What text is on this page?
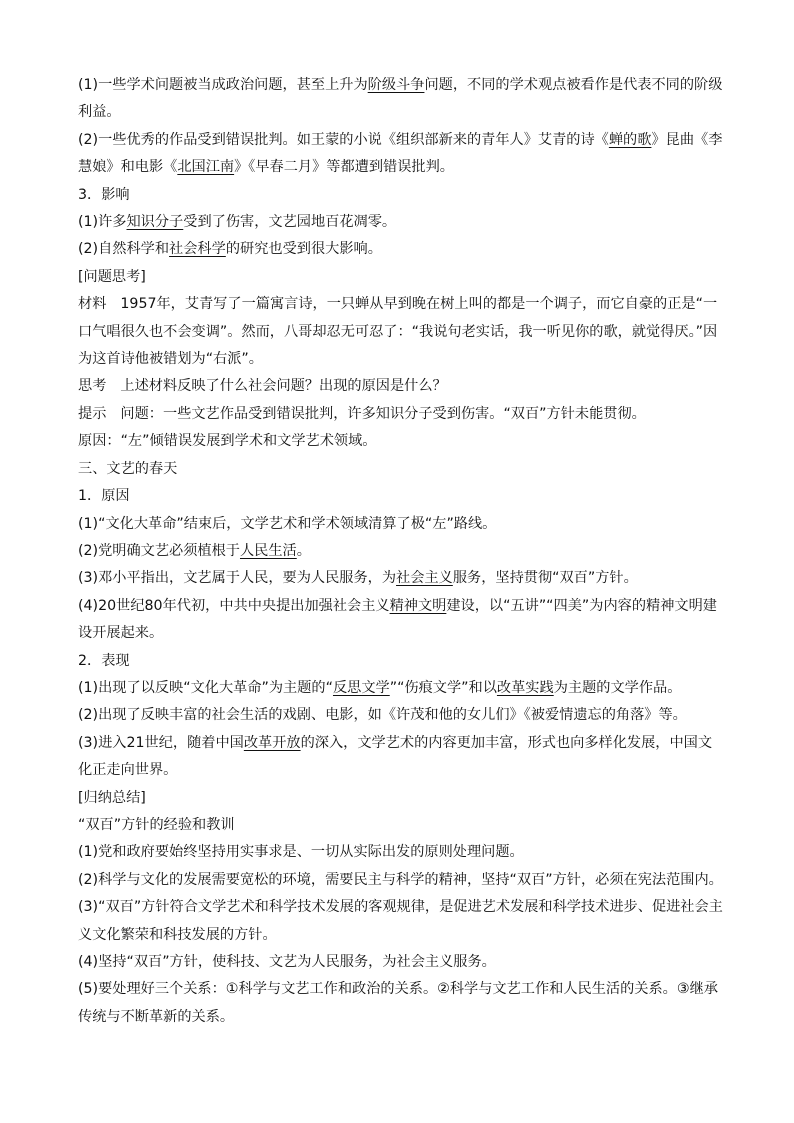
(1)一些学术问题被当成政治问题，甚至上升为阶级斗争问题，不同的学术观点被看作是代表不同的阶级利益。

(2)一些优秀的作品受到错误批判。如王蒙的小说《组织部新来的青年人》艾青的诗《蝉的歌》昆曲《李慧娘》和电影《北国江南》《早春二月》等都遭到错误批判。

3．影响

(1)许多知识分子受到了伤害，文艺园地百花凋零。

(2)自然科学和社会科学的研究也受到很大影响。

[问题思考]

材料 1957年，艾青写了一篇寓言诗，一只蝉从早到晚在树上叫的都是一个调子，而它自豪的正是“一口气唱很久也不会变调”。然而，八哥却忍无可忍了：“我说句老实话，我一听见你的歌，就觉得厌。”因为这首诗他被错划为“右派”。

思考 上述材料反映了什么社会问题？出现的原因是什么？

提示 问题：一些文艺作品受到错误批判，许多知识分子受到伤害。“双百”方针未能贯彻。

原因：“左”倾错误发展到学术和文学艺术领域。

三、文艺的春天

1．原因

(1)“文化大革命”结束后，文学艺术和学术领域清算了极“左”路线。

(2)党明确文艺必须植根于人民生活。

(3)邓小平指出，文艺属于人民，要为人民服务，为社会主义服务，坚持贯彻“双百”方针。

(4)20世纪80年代初，中共中央提出加强社会主义精神文明建设，以“五讲”“四美”为内容的精神文明建设开展起来。

2．表现

(1)出现了以反映“文化大革命”为主题的“反思文学”“伤痕文学”和以改革实践为主题的文学作品。

(2)出现了反映丰富的社会生活的戏剧、电影，如《许茂和他的女儿们》《被爱情遗忘的角落》等。

(3)进入21世纪，随着中国改革开放的深入，文学艺术的内容更加丰富，形式也向多样化发展，中国文化正走向世界。

[归纳总结]

“双百”方针的经验和教训

(1)党和政府要始终坚持用实事求是、一切从实际出发的原则处理问题。

(2)科学与文化的发展需要宽松的环境，需要民主与科学的精神，坚持“双百”方针，必须在宪法范围内。

(3)“双百”方针符合文学艺术和科学技术发展的客观规律，是促进艺术发展和科学技术进步、促进社会主义文化繁荣和科技发展的方针。

(4)坚持“双百”方针，使科技、文艺为人民服务，为社会主义服务。

(5)要处理好三个关系：①科学与文艺工作和政治的关系。②科学与文艺工作和人民生活的关系。③继承传统与不断革新的关系。
